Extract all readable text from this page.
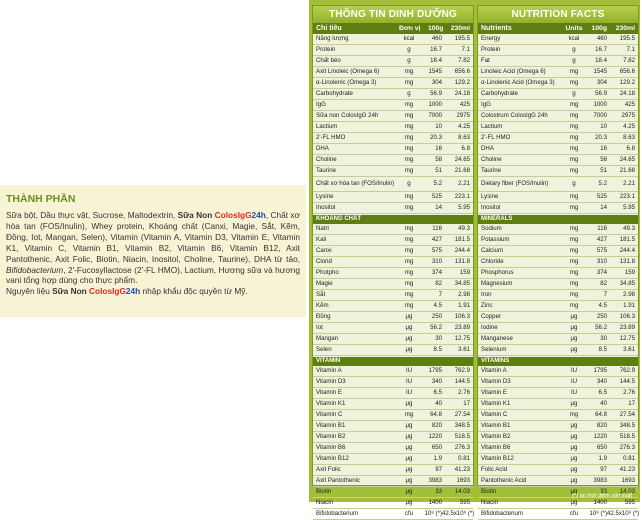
THÀNH PHẦN

Sữa bột, Dầu thực vật, Sucrose, Maltodextrin, Sữa Non ColosIgG24h, Chất xơ hòa tan (FOS/Inulin), Whey protein, Khoáng chất (Canxi, Magie, Sắt, Kẽm, Đồng, Iot, Mangan, Selen), Vitamin (Vitamin A, Vitamin D3, Vitamin E, Vitamin K1, Vitamin C, Vitamin B1, Vitamin B2, Vitamin B6, Vitamin B12, Axit Pantothenic, Axit Folic, Biotin, Niacin, Inositol, Choline, Taurine), DHA từ tảo, Bifidobacterium, 2'-Fucosyllactose (2'-FL HMO), Lactium, Hương sữa và hương vani tổng hợp dùng cho thực phẩm.

Nguyên liệu Sữa Non ColosIgG24h nhập khẩu độc quyền từ Mỹ.

THÔNG TIN DINH DƯỠNG
Chỉ tiêu	Đơn vị	100g	230ml
Năng lượng	kcal	460	195.5
Protein	g	16.7	7.1
Chất béo	g	18.4	7.82
Axit Linoleic (Omega 6)	mg	1545	656.6
α-Linolenic (Omega 3)	mg	304	129.2
Carbohydrate	g	56.9	24.18
IgG	mg	1000	425
Sữa non ColosIgG 24h	mg	7000	2975
Lactium	mg	10	4.25
2'-FL HMO	mg	20.3	8.63
DHA	mg	16	6.8
Choline	mg	58	24.65
Taurine	mg	51	21.68
Chất xơ hòa tan (FOS/Inulin)	g	5.2	2.21
Lysine	mg	525	223.1
Inositol	mg	14	5.95
KHOÁNG CHẤT
Natri	mg	116	49.3
Kali	mg	427	181.5
Canxi	mg	575	244.4
Clorid	mg	310	131.8
Photpho	mg	374	159
Magie	mg	82	34.85
Sắt	mg	7	2.98
Kẽm	mg	4.5	1.91
Đồng	μg	250	106.3
Iot	μg	56.2	23.89
Mangan	μg	30	12.75
Selen	μg	8.5	3.61
VITAMIN
Vitamin A	IU	1795	762.9
Vitamin D3	IU	340	144.5
Vitamin E	IU	6.5	2.76
Vitamin K1	μg	40	17
Vitamin C	mg	64.8	27.54
Vitamin B1	μg	820	348.5
Vitamin B2	μg	1220	518.5
Vitamin B6	μg	650	276.3
Vitamin B12	μg	1.9	0.81
Axit Folic	μg	97	41.23
Axit Pantothenic	μg	3983	1693
Biotin	μg	33	14.03
Niacin	μg	1400	595
Bifidobacterium	cfu	10⁸ (*) 42.5x10⁶ (*)
NUTRITION FACTS
Nutrients	Units	100g	230ml
Energy	kcal	460	195.5
Protein	g	16.7	7.1
Fat	g	18.4	7.82
Linoleic Acid (Omega 6)	mg	1545	656.6
α-Linolenic Acid (Omega 3)	mg	304	129.2
Carbohydrate	g	56.9	24.18
IgG	mg	1000	425
Colostrum ColosIgG 24h	mg	7000	2975
Lactium	mg	10	4.25
2'-FL HMO	mg	20.3	8.63
DHA	mg	16	6.8
Choline	mg	58	24.65
Taurine	mg	51	21.68
Dietary fiber (FOS/Inulin)	g	5.2	2.21
Lysine	mg	525	223.1
Inositol	mg	14	5.95
MINERALS
Sodium	mg	116	49.3
Potassium	mg	427	181.5
Calcium	mg	575	244.4
Chloride	mg	310	131.8
Phosphorus	mg	374	159
Magnesium	mg	82	34.85
Iron	mg	7	2.98
Zinc	mg	4.5	1.91
Copper	μg	250	106.3
Iodine	μg	56.2	23.89
Manganese	μg	30	12.75
Selenium	μg	8.5	3.61
VITAMINS
Vitamin A	IU	1795	762.9
Vitamin D3	IU	340	144.5
Vitamin E	IU	6.5	2.76
Vitamin K1	μg	40	17
Vitamin C	mg	64.8	27.54
Vitamin B1	μg	820	348.5
Vitamin B2	μg	1220	518.5
Vitamin B6	μg	650	276.3
Vitamin B12	μg	1.9	0.81
Folic Acid	μg	97	41.23
Pantothenic Acid	μg	3983	1693
Biotin	μg	33	14.03
Niacin	μg	1400	595
Bifidobacterium	cfu	10⁸ (*) 42.5x10⁶ (*)
(*) tại thời điểm sản xuất
